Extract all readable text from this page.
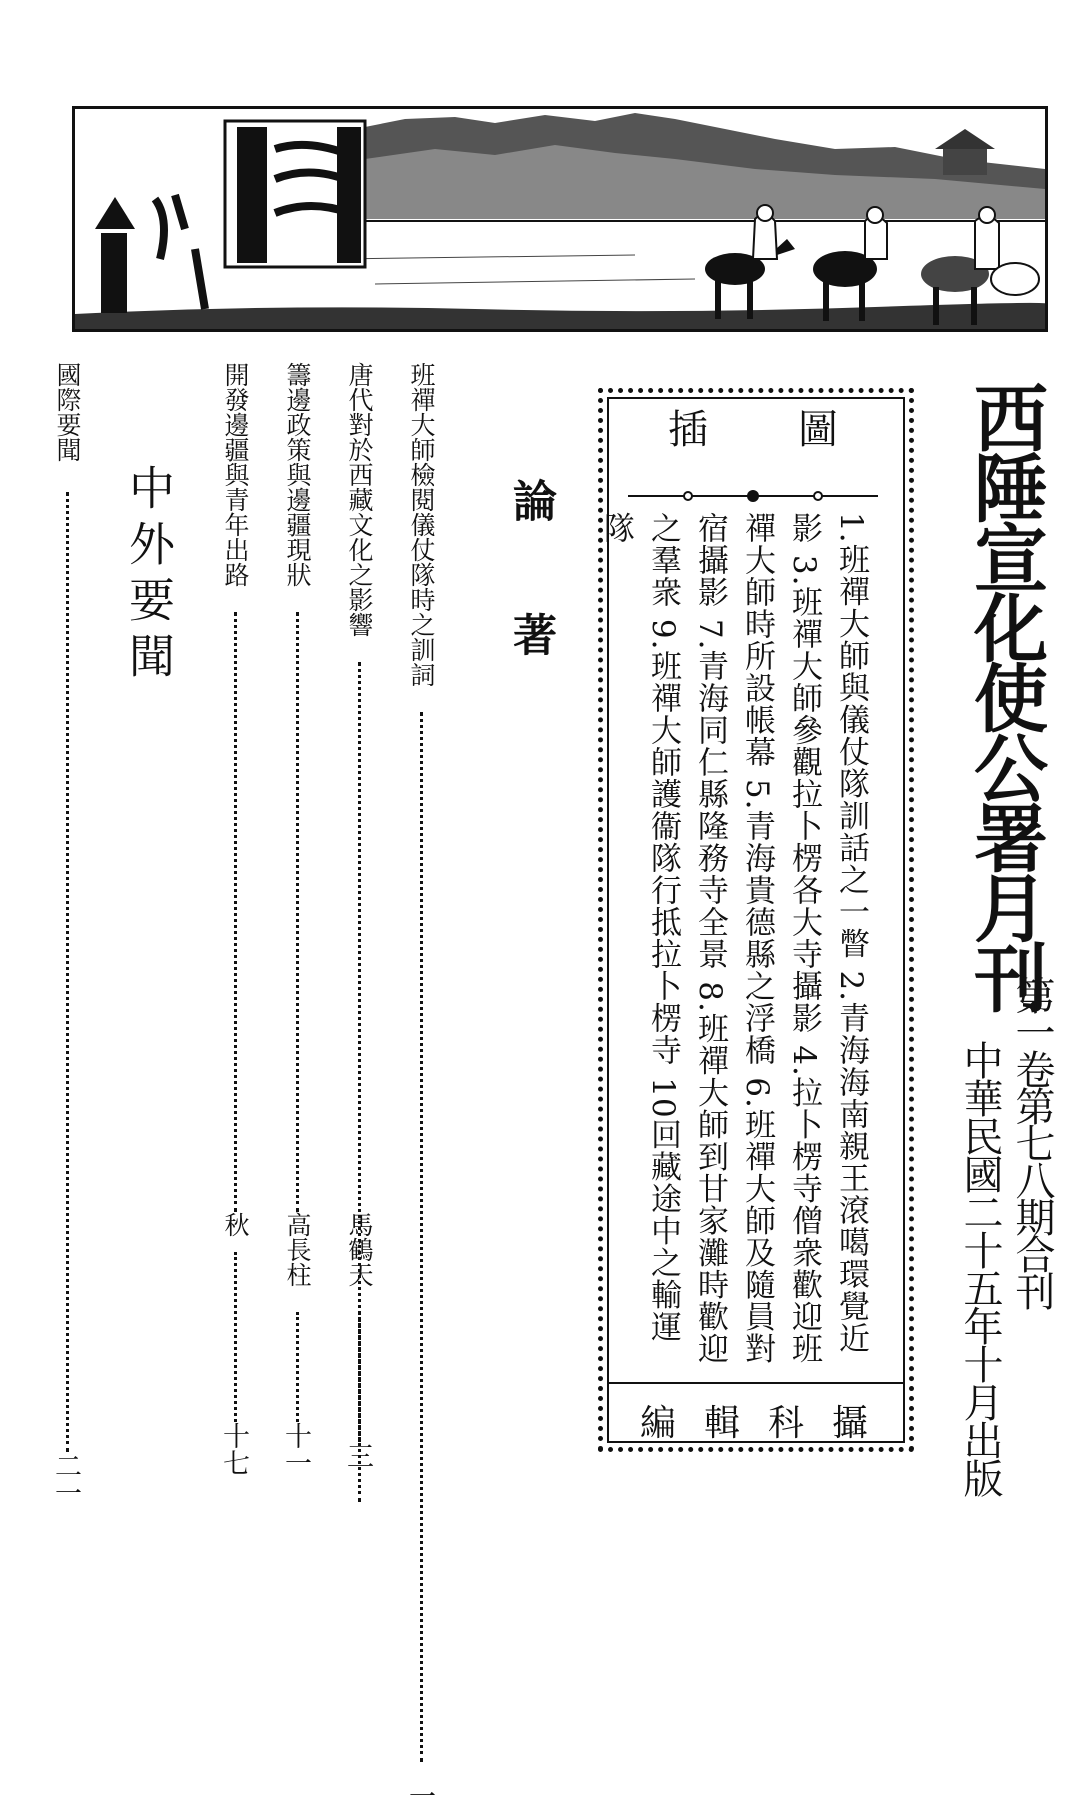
西陲宣化使公署月刊
第一卷第七八期合刊
中華民國二十五年十月出版
插圖
1.班禪大師與儀仗隊訓話之一瞥 2.青海海南親王滾噶環覺近影 3.班禪大師參觀拉卜楞各大寺攝影 4.拉卜楞寺僧衆歡迎班禪大師時所設帳幕 5.青海貴德縣之浮橋 6.班禪大師及隨員對宿攝影 7.青海同仁縣隆務寺全景 8.班禪大師到甘家灘時歡迎之羣衆 9.班禪大師護衞隊行抵拉卜楞寺 10回藏途中之輸運隊
編輯科攝
論著
中外要聞	班禪大師檢閱儀仗隊時之訓詞
一
唐代對於西藏文化之影響
馬鶴天
三
籌邊政策與邊疆現狀
高長柱
十一
開發邊疆與青年出路
秋
十七
國際要聞
二一
